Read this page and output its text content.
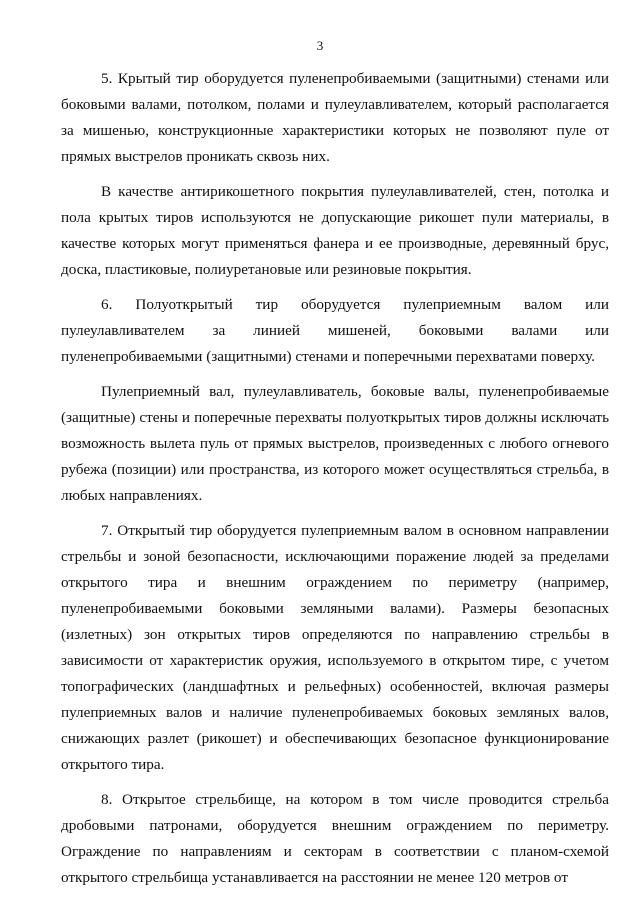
3

5. Крытый тир оборудуется пуленепробиваемыми (защитными) стенами или боковыми валами, потолком, полами и пулеулавливателем, который располагается за мишенью, конструкционные характеристики которых не позволяют пуле от прямых выстрелов проникать сквозь них.

В качестве антирикошетного покрытия пулеулавливателей, стен, потолка и пола крытых тиров используются не допускающие рикошет пули материалы, в качестве которых могут применяться фанера и ее производные, деревянный брус, доска, пластиковые, полиуретановые или резиновые покрытия.

6. Полуоткрытый тир оборудуется пулеприемным валом или пулеулавливателем за линией мишеней, боковыми валами или пуленепробиваемыми (защитными) стенами и поперечными перехватами поверху.

Пулеприемный вал, пулеулавливатель, боковые валы, пуленепробиваемые (защитные) стены и поперечные перехваты полуоткрытых тиров должны исключать возможность вылета пуль от прямых выстрелов, произведенных с любого огневого рубежа (позиции) или пространства, из которого может осуществляться стрельба, в любых направлениях.

7. Открытый тир оборудуется пулеприемным валом в основном направлении стрельбы и зоной безопасности, исключающими поражение людей за пределами открытого тира и внешним ограждением по периметру (например, пуленепробиваемыми боковыми земляными валами). Размеры безопасных (излетных) зон открытых тиров определяются по направлению стрельбы в зависимости от характеристик оружия, используемого в открытом тире, с учетом топографических (ландшафтных и рельефных) особенностей, включая размеры пулеприемных валов и наличие пуленепробиваемых боковых земляных валов, снижающих разлет (рикошет) и обеспечивающих безопасное функционирование открытого тира.

8. Открытое стрельбище, на котором в том числе проводится стрельба дробовыми патронами, оборудуется внешним ограждением по периметру. Ограждение по направлениям и секторам в соответствии с планом-схемой открытого стрельбища устанавливается на расстоянии не менее 120 метров от
